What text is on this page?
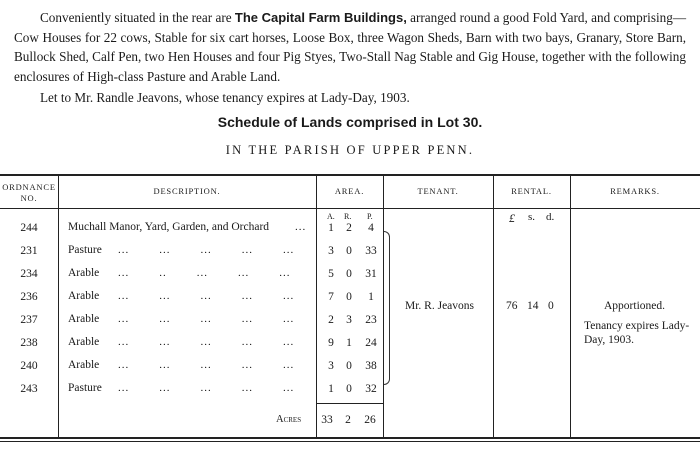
Conveniently situated in the rear are The Capital Farm Buildings, arranged round a good Fold Yard, and comprising—Cow Houses for 22 cows, Stable for six cart horses, Loose Box, three Wagon Sheds, Barn with two bays, Granary, Store Barn, Bullock Shed, Calf Pen, two Hen Houses and four Pig Styes, Two-Stall Nag Stable and Gig House, together with the following enclosures of High-class Pasture and Arable Land.
Let to Mr. Randle Jeavons, whose tenancy expires at Lady-Day, 1903.
Schedule of Lands comprised in Lot 30.
IN THE PARISH OF UPPER PENN.
ORDNANCE
NO.
DESCRIPTION.	AREA.	TENANT.	RENTAL.	REMARKS.
A. R. P.	£ s. d.
244	Muchall Manor, Yard, Garden, and Orchard ...	1	2	4
231	Pasture ...        ...        ...        ...        ...	3	0	33
234	Arable ...        ..        ...        ...        ...	5	0	31
236	Arable ...        ...        ...        ...        ...	7	0	1
237	Arable ...        ...        ...        ...        ...	2	3	23
238	Arable ...        ...        ...        ...        ...	9	1	24
240	Arable ...        ...        ...        ...        ...	3	0	38
243	Pasture ...        ...        ...        ...        ...	1	0	32
Mr. R. Jeavons	76 14 0	Apportioned.
Tenancy expires Lady-
Day, 1903.
Acres 33	2	26
